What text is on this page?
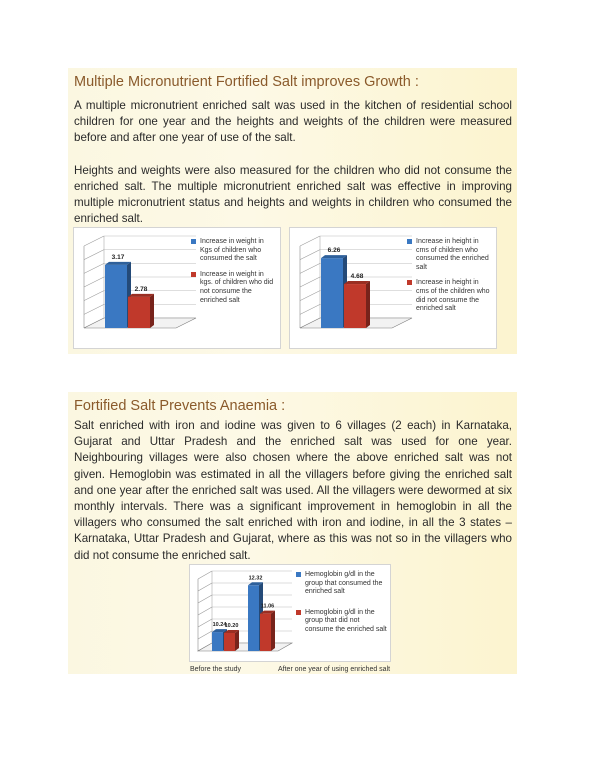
Multiple Micronutrient Fortified Salt improves Growth :

A multiple micronutrient enriched salt was used in the kitchen of residential school children for one year and the heights and weights of the children were measured before and after one year of use of the salt.

Heights and weights were also measured for the children who did not consume the enriched salt. The multiple micronutrient enriched salt was effective in improving multiple micronutrient status and heights and weights in children who consumed the enriched salt.

3.17
2.78
Increase in weight in Kgs of children who consumed the salt
Increase in weight in kgs. of children who did not consume the enriched salt
6.26
4.68
Increase in height in cms of children who consumed the enriched salt
Increase in height in cms of the children who did not consume the enriched salt
Fortified Salt Prevents Anaemia :

Salt enriched with iron and iodine was given to 6 villages (2 each) in Karnataka, Gujarat and Uttar Pradesh and the enriched salt was used for one year. Neighbouring villages were also chosen where the above enriched salt was not given. Hemoglobin was estimated in all the villagers before giving the enriched salt and one year after the enriched salt was used. All the villagers were dewormed at six monthly intervals. There was a significant improvement in hemoglobin in all the villagers who consumed the salt enriched with iron and iodine, in all the 3 states – Karnataka, Uttar Pradesh and Gujarat, where as this was not so in the villagers who did not consume the enriched salt.

10.24
10.20
12.32
11.06
Hemoglobin g/dl in the group that consumed the enriched salt
Hemoglobin g/dl in the group that did not consume the enriched salt
Before the study	After one year of using enriched salt
